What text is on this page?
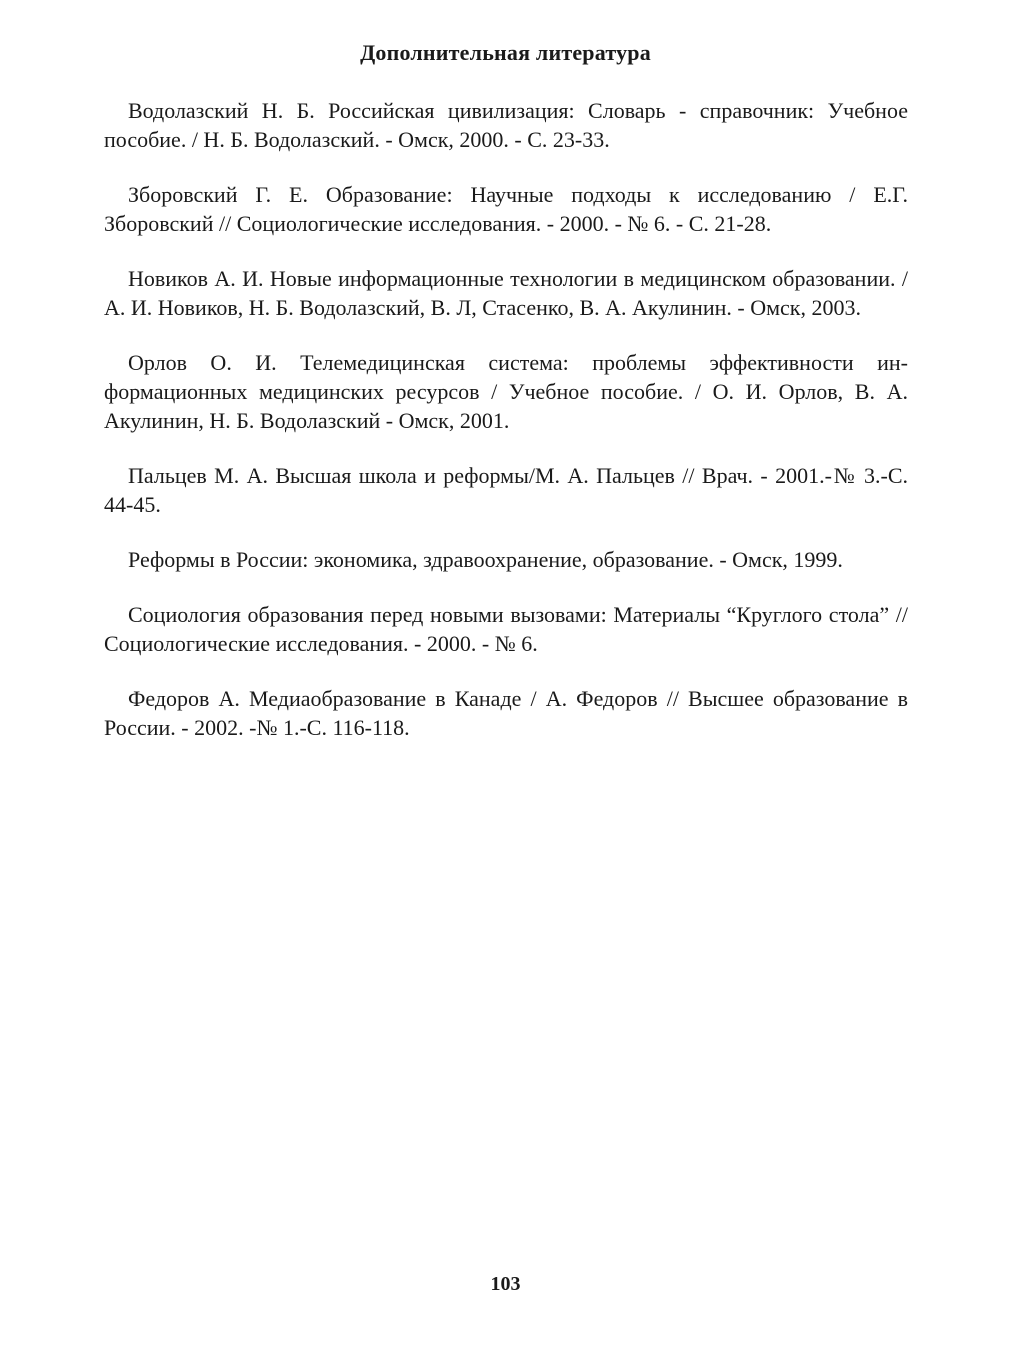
Дополнительная литература

Водолазский Н. Б. Российская цивилизация: Словарь - справочник: Учебное пособие. / Н. Б. Водолазский. - Омск, 2000. - С. 23-33.

Зборовский Г. Е. Образование: Научные подходы к исследованию / Е.Г. Зборовский // Социологические исследования. - 2000. - № 6. - С. 21-28.

Новиков А. И. Новые информационные технологии в медицинском образовании. / А. И. Новиков, Н. Б. Водолазский, В. Л, Стасенко, В. А. Акулинин. - Омск, 2003.

Орлов О. И. Телемедицинская система: проблемы эффективности информационных медицинских ресурсов / Учебное пособие. / О. И. Орлов, В. А. Акулинин, Н. Б. Водолазский - Омск, 2001.

Пальцев М. А. Высшая школа и реформы/М. А. Пальцев // Врач. - 2001.-№ 3.-С. 44-45.

Реформы в России: экономика, здравоохранение, образование. - Омск, 1999.

Социология образования перед новыми вызовами: Материалы “Круглого стола” // Социологические исследования. - 2000. - № 6.

Федоров А. Медиаобразование в Канаде / А. Федоров // Высшее образование в России. - 2002. -№ 1.-С. 116-118.

103
